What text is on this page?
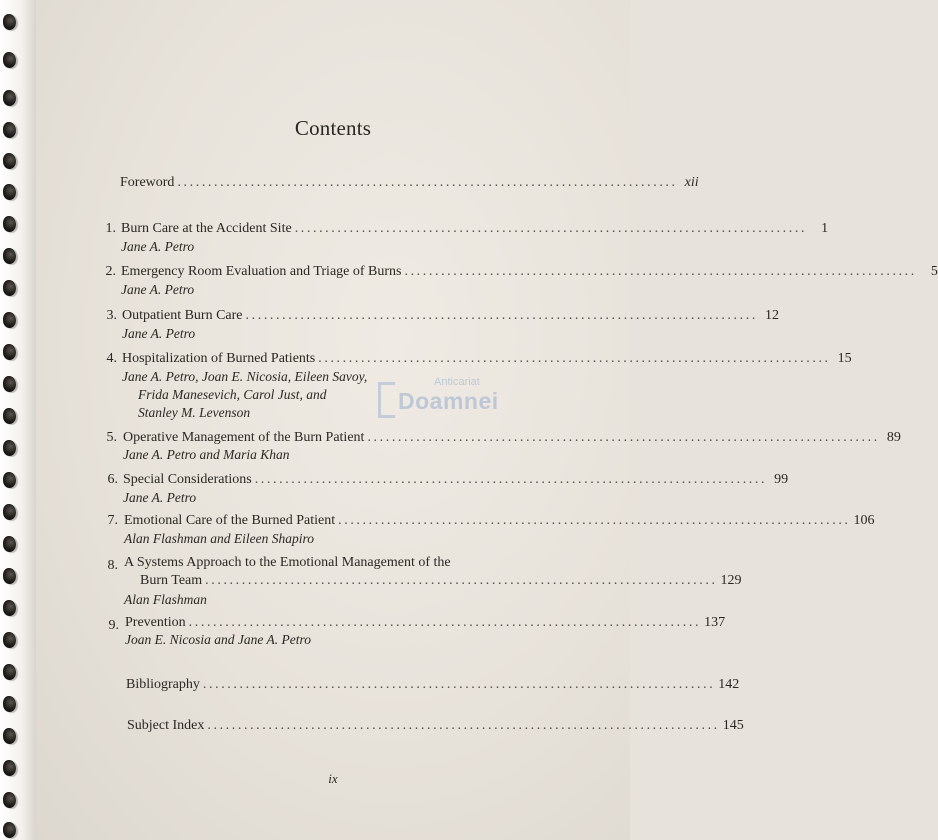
Contents
Foreword .................................................................................. xii
1. Burn Care at the Accident Site ....................................................................................	1
Jane A. Petro
2. Emergency Room Evaluation and Triage of Burns ....................................................................................	5
Jane A. Petro
3. Outpatient Burn Care .................................................................................... 12
Jane A. Petro
4. Hospitalization of Burned Patients .................................................................................... 15
Jane A. Petro, Joan E. Nicosia, Eileen Savoy,
Frida Manesevich, Carol Just, and
Stanley M. Levenson
5. Operative Management of the Burn Patient .................................................................................... 89
Jane A. Petro and Maria Khan
6. Special Considerations .................................................................................... 99
Jane A. Petro
7. Emotional Care of the Burned Patient .................................................................................... 106
Alan Flashman and Eileen Shapiro
8. A Systems Approach to the Emotional Management of the
Burn Team .................................................................................... 129
Alan Flashman
9. Prevention .................................................................................... 137
Joan E. Nicosia and Jane A. Petro
Bibliography .................................................................................... 142
Subject Index .................................................................................... 145
ix
Anticariat
Doamnei
